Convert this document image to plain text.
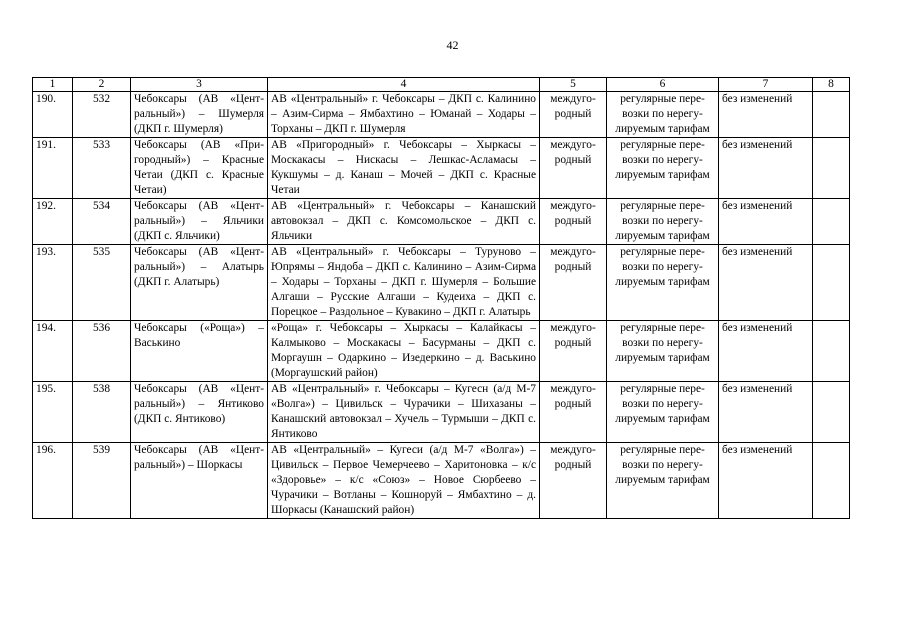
42
1	2	3	4	5	6	7	8
190.	532	Чебоксары (АВ «Центральный») – Шумерля (ДКП г. Шумерля)	АВ «Центральный» г. Чебоксары – ДКП с. Калинино – Азим-Сирма – Ямбахтино – Юманай – Ходары – Торханы – ДКП г. Шумерля	междугородный	регулярные перевозки по нерегулируемым тарифам	без изменений	
191.	533	Чебоксары (АВ «Пригородный») – Красные Четаи (ДКП с. Красные Четаи)	АВ «Пригородный» г. Чебоксары – Хыркасы – Москакасы – Нискасы – Лешкас-Асламасы – Кукшумы – д. Канаш – Мочей – ДКП с. Красные Четаи	междугородный	регулярные перевозки по нерегулируемым тарифам	без изменений	
192.	534	Чебоксары (АВ «Центральный») – Яльчики (ДКП с. Яльчики)	АВ «Центральный» г. Чебоксары – Канашский автовокзал – ДКП с. Комсомольское – ДКП с. Яльчики	междугородный	регулярные перевозки по нерегулируемым тарифам	без изменений	
193.	535	Чебоксары (АВ «Центральный») – Алатырь (ДКП г. Алатырь)	АВ «Центральный» г. Чебоксары – Туруново – Юпрямы – Яндоба – ДКП с. Калинино – Азим-Сирма – Ходары – Торханы – ДКП г. Шумерля – Большие Алгаши – Русские Алгаши – Кудеиха – ДКП с. Порецкое – Раздольное – Кувакино – ДКП г. Алатырь	междугородный	регулярные перевозки по нерегулируемым тарифам	без изменений	
194.	536	Чебоксары («Роща») – Васькино	«Роща» г. Чебоксары – Хыркасы – Калайкасы – Калмыково – Москакасы – Басурманы – ДКП с. Моргаушн – Одаркино – Изедеркино – д. Васькино (Моргаушский район)	междугородный	регулярные перевозки по нерегулируемым тарифам	без изменений	
195.	538	Чебоксары (АВ «Центральный») – Янтиково (ДКП с. Янтиково)	АВ «Центральный» г. Чебоксары – Кугесн (а/д М-7 «Волга») – Цивильск – Чурачики – Шихазаны – Канашский автовокзал – Хучель – Турмыши – ДКП с. Янтиково	междугородный	регулярные перевозки по нерегулируемым тарифам	без изменений	
196.	539	Чебоксары (АВ «Центральный») – Шоркасы	АВ «Центральный» – Кугеси (а/д М-7 «Волга») – Цивильск – Первое Чемерчеево – Харитоновка – к/с «Здоровье» – к/с «Союз» – Новое Сюрбеево – Чурачики – Вотланы – Кошноруй – Ямбахтино – д. Шоркасы (Канашский район)	междугородный	регулярные перевозки по нерегулируемым тарифам	без изменений	
